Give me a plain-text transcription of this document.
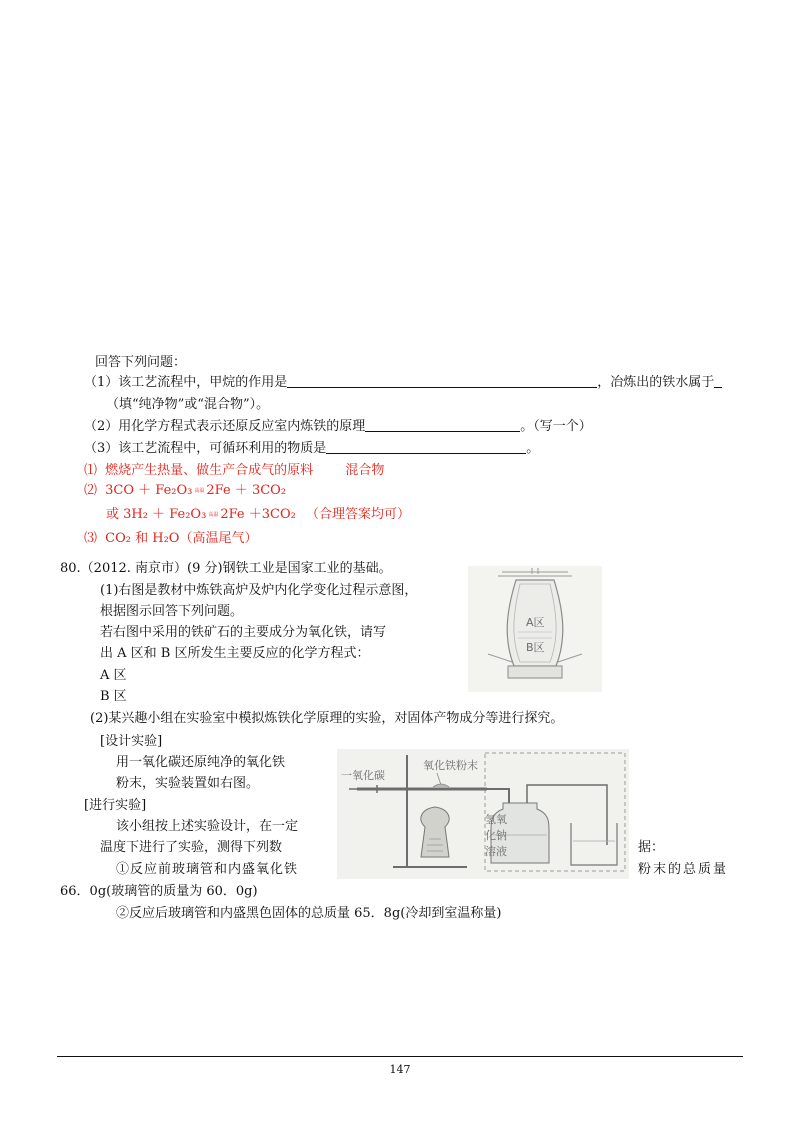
回答下列问题：
（1）该工艺流程中，甲烷的作用是	，冶炼出的铁水属于
（填“纯净物”或“混合物”）。
（2）用化学方程式表示还原反应室内炼铁的原理	。（写一个）
（3）该工艺流程中，可循环利用的物质是	。
⑴ 燃烧产生热量、做生产合成气的原料 混合物
⑵ 3CO ＋ Fe₂O₃ 高温 2Fe ＋ 3CO₂
或 3H₂ ＋ Fe₂O₃ 高温 2Fe ＋3CO₂ （合理答案均可）
⑶ CO₂ 和 H₂O（高温尾气）
80.（2012. 南京市）(9 分)钢铁工业是国家工业的基础。
(1)右图是教材中炼铁高炉及炉内化学变化过程示意图，
根据图示回答下列问题。
若右图中采用的铁矿石的主要成分为氧化铁，请写
出 A 区和 B 区所发生主要反应的化学方程式：
A 区
B 区
A区
B区
(2)某兴趣小组在实验室中模拟炼铁化学原理的实验，对固体产物成分等进行探究。
[设计实验]
用一氧化碳还原纯净的氧化铁
粉末，实验装置如右图。
[进行实验]
该小组按上述实验设计，在一定
温度下进行了实验，测得下列数	据：
①反应前玻璃管和内盛氧化铁	粉末的总质量
66．0g(玻璃管的质量为 60．0g)
②反应后玻璃管和内盛黑色固体的总质量 65．8g(冷却到室温称量)
一氧化碳
氧化铁粉末
氢氧
化钠
溶液
147
